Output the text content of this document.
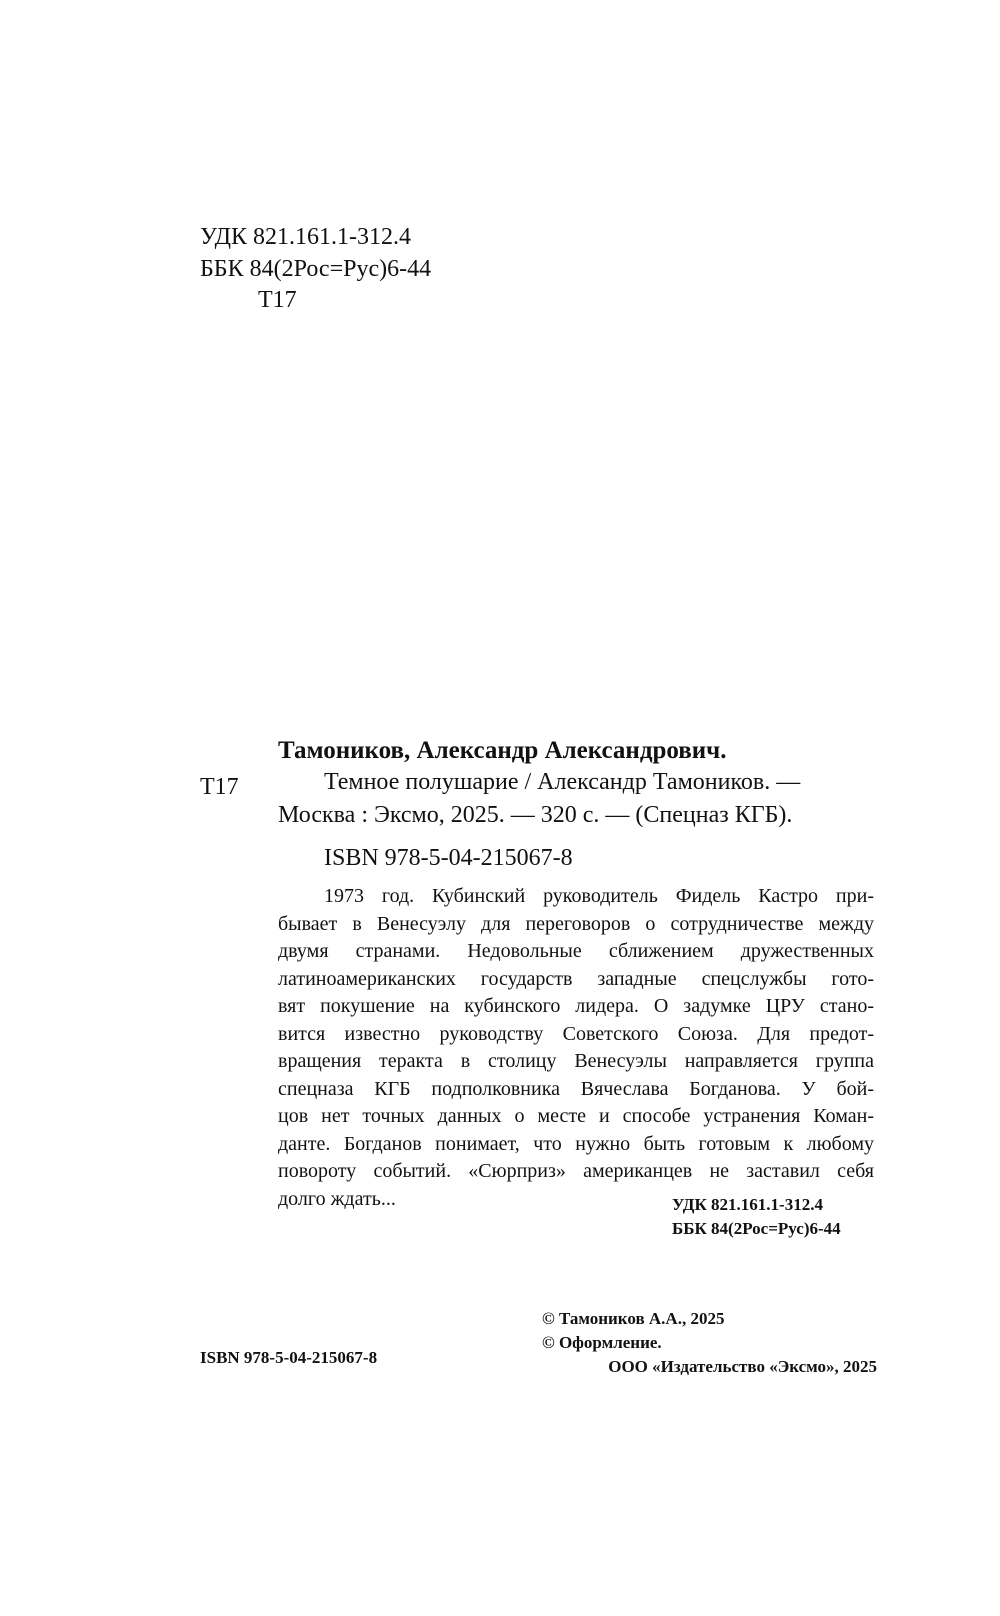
УДК 821.161.1-312.4
ББК 84(2Рос=Рус)6-44
Т17
Тамоников, Александр Александрович.
Т17	Темное полушарие / Александр Тамоников. —
Москва : Эксмо, 2025. — 320 с. — (Спецназ КГБ).
ISBN 978-5-04-215067-8
1973 год. Кубинский руководитель Фидель Кастро при-
бывает в Венесуэлу для переговоров о сотрудничестве между
двумя странами. Недовольные сближением дружественных
латиноамериканских государств западные спецслужбы гото-
вят покушение на кубинского лидера. О задумке ЦРУ стано-
вится известно руководству Советского Союза. Для предот-
вращения теракта в столицу Венесуэлы направляется группа
спецназа КГБ подполковника Вячеслава Богданова. У бой-
цов нет точных данных о месте и способе устранения Коман-
данте. Богданов понимает, что нужно быть готовым к любому
повороту событий. «Сюрприз» американцев не заставил себя
долго ждать...	УДК 821.161.1-312.4
ББК 84(2Рос=Рус)6-44
© Тамоников А.А., 2025
© Оформление.
ООО «Издательство «Эксмо», 2025
ISBN 978-5-04-215067-8
